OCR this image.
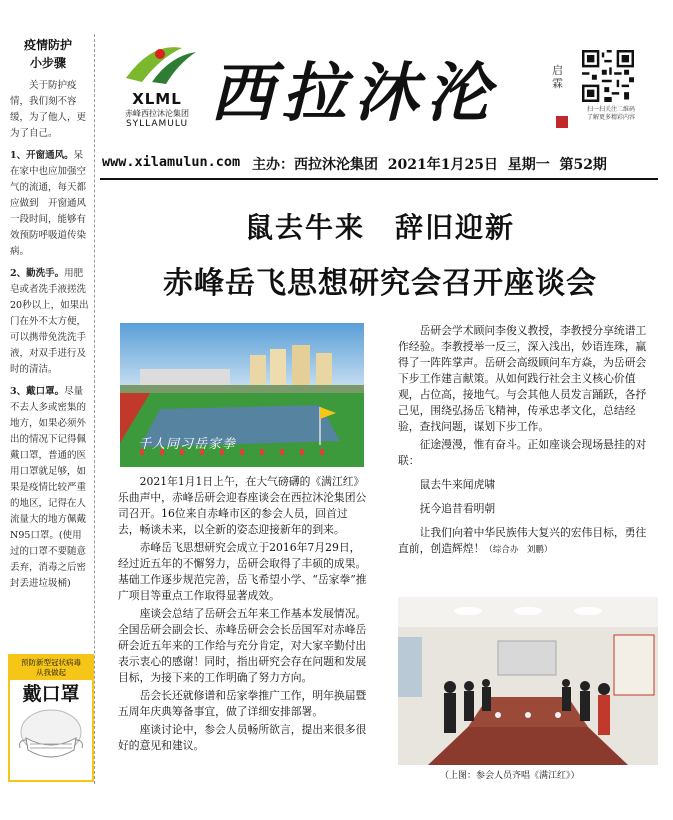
疫情防护
小步骤

关于防护疫情，我们刻不容缓，为了他人，更为了自己。

1、开窗通风。呆在家中也应加强空气的流通，每天都应做到　开窗通风一段时间，能够有效预防呼吸道传染病。

2、勤洗手。用肥皂或者洗手液搓洗20秒以上，如果出门在外不太方便，可以携带免洗洗手液，对双手进行及时的清洁。

3、戴口罩。尽量不去人多或密集的地方，如果必须外出的情况下记得佩戴口罩，普通的医用口罩就足够，如果是疫情比较严重的地区，记得在人流量大的地方佩戴N95口罩。(使用过的口罩不要随意丢弃，消毒之后密封丢进垃圾桶)

预防新型冠状病毒
从我做起
戴口罩
XLML
赤峰西拉沐沦集团
SYLLAMULU 西拉沐沦	启霖
扫一扫关注二维码
了解更多精彩内容
www.xilamulun.com 主办：西拉沐沦集团 2021年1月25日 星期一 第52期
鼠去牛来　辞旧迎新
赤峰岳飞思想研究会召开座谈会
千人同习岳家拳

2021年1月1日上午，在大气磅礴的《满江红》乐曲声中，赤峰岳研会迎春座谈会在西拉沐沦集团公司召开。16位来自赤峰市区的参会人员，回首过去，畅谈未来，以全新的姿态迎接新年的到来。

赤峰岳飞思想研究会成立于2016年7月29日，经过近五年的不懈努力，岳研会取得了丰硕的成果。基础工作逐步规范完善，岳飞希望小学、“岳家拳”推广项目等重点工作取得显著成效。

座谈会总结了岳研会五年来工作基本发展情况。全国岳研会副会长、赤峰岳研会会长岳国军对赤峰岳研会近五年来的工作给与充分肯定，对大家辛勤付出表示衷心的感谢！同时，指出研究会存在问题和发展目标，为接下来的工作明确了努力方向。

岳会长还就修谱和岳家拳推广工作，明年换届暨五周年庆典筹备事宜，做了详细安排部署。

座谈讨论中，参会人员畅所欲言，提出来很多很好的意见和建议。

岳研会学术顾问李俊义教授，李教授分享统谱工作经验。李教授举一反三，深入浅出，妙语连珠，赢得了一阵阵掌声。岳研会高级顾问车方焱，为岳研会下步工作建言献策。从如何践行社会主义核心价值观，占位高，接地气。与会其他人员发言踊跃，各抒己见，围绕弘扬岳飞精神，传承忠孝文化，总结经验，查找问题，谋划下步工作。

征途漫漫，惟有奋斗。正如座谈会现场悬挂的对联：

鼠去牛来闻虎啸

抚今追昔看明朝

让我们向着中华民族伟大复兴的宏伟目标，勇往直前，创造辉煌！（综合办　刘鹏）

（上图：参会人员齐唱《满江红》）
